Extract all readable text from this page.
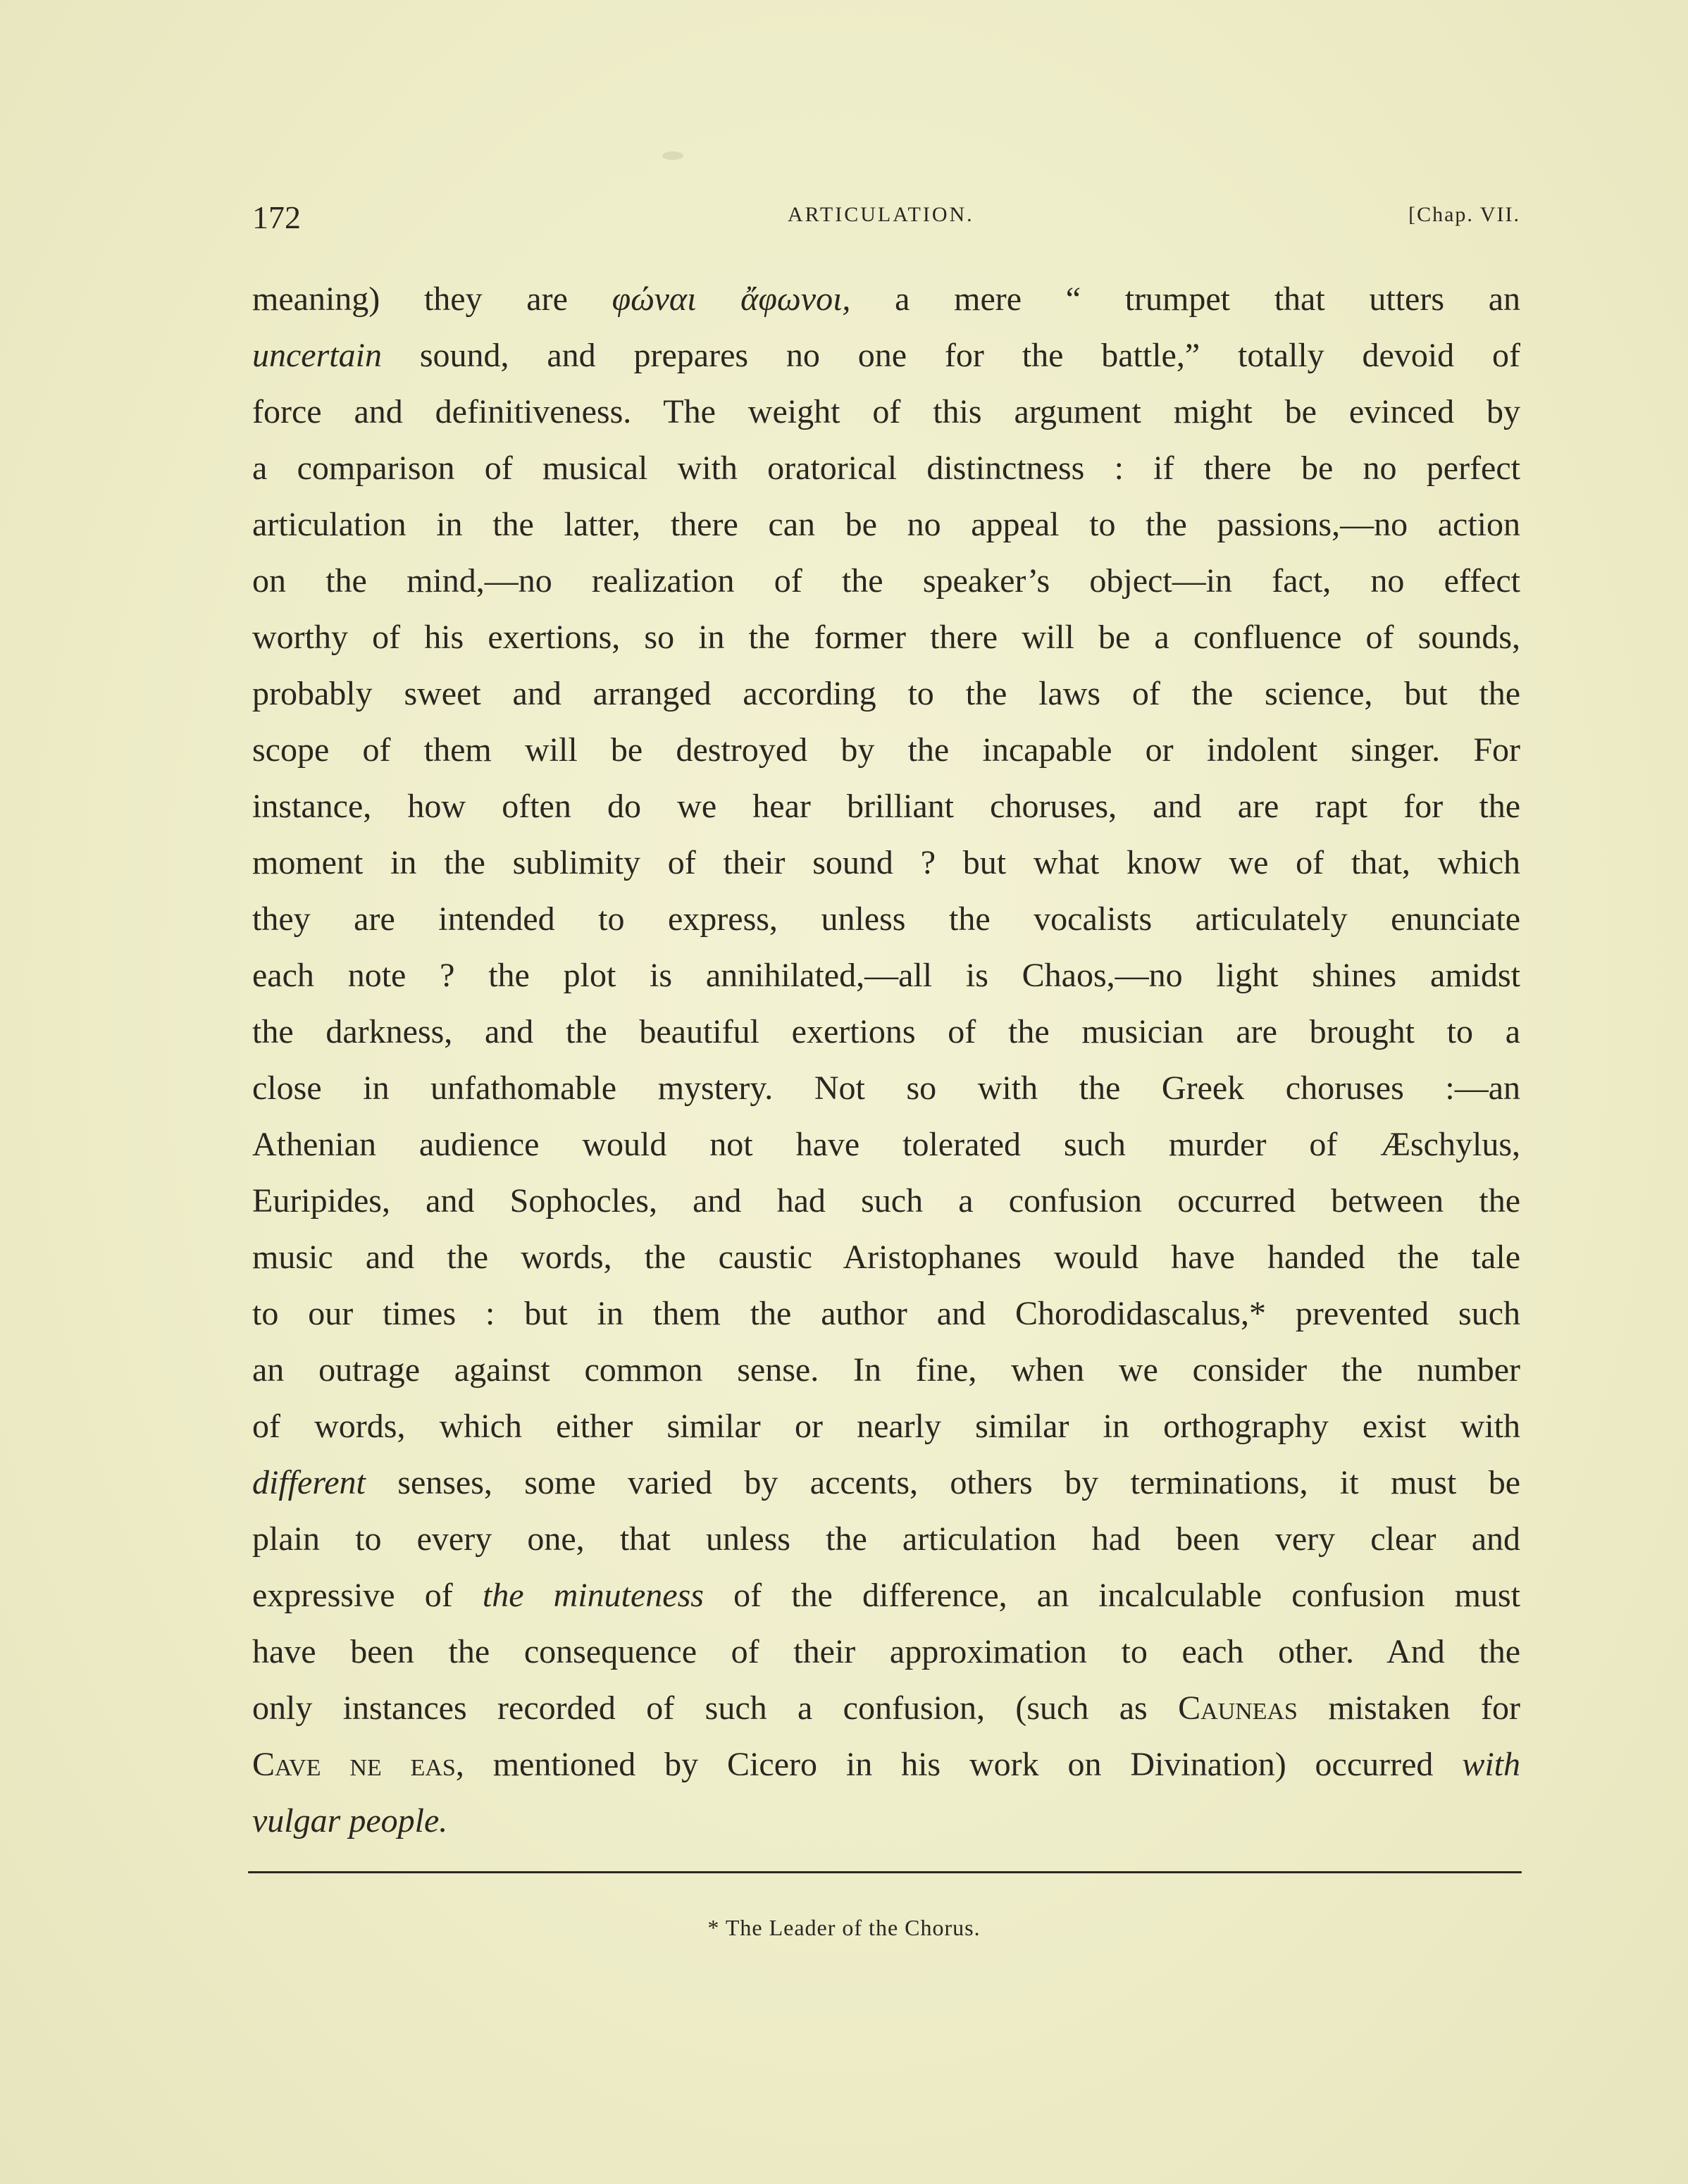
172	ARTICULATION.	[Chap. VII.
meaning) they are φώναι ἄφωνοι, a mere “ trumpet that utters an
uncertain sound, and prepares no one for the battle,” totally devoid of
force and definitiveness. The weight of this argument might be evinced by
a comparison of musical with oratorical distinctness : if there be no perfect
articulation in the latter, there can be no appeal to the passions,—no action
on the mind,—no realization of the speaker’s object—in fact, no effect
worthy of his exertions, so in the former there will be a confluence of sounds,
probably sweet and arranged according to the laws of the science, but the
scope of them will be destroyed by the incapable or indolent singer. For
instance, how often do we hear brilliant choruses, and are rapt for the
moment in the sublimity of their sound ? but what know we of that, which
they are intended to express, unless the vocalists articulately enunciate
each note ? the plot is annihilated,—all is Chaos,—no light shines amidst
the darkness, and the beautiful exertions of the musician are brought to a
close in unfathomable mystery. Not so with the Greek choruses :—an
Athenian audience would not have tolerated such murder of Æschylus,
Euripides, and Sophocles, and had such a confusion occurred between the
music and the words, the caustic Aristophanes would have handed the tale
to our times : but in them the author and Chorodidascalus,* prevented such
an outrage against common sense. In fine, when we consider the number
of words, which either similar or nearly similar in orthography exist with
different senses, some varied by accents, others by terminations, it must be
plain to every one, that unless the articulation had been very clear and
expressive of the minuteness of the difference, an incalculable confusion must
have been the consequence of their approximation to each other. And the
only instances recorded of such a confusion, (such as Cauneas mistaken for
Cave ne eas, mentioned by Cicero in his work on Divination) occurred with
vulgar people.
* The Leader of the Chorus.
